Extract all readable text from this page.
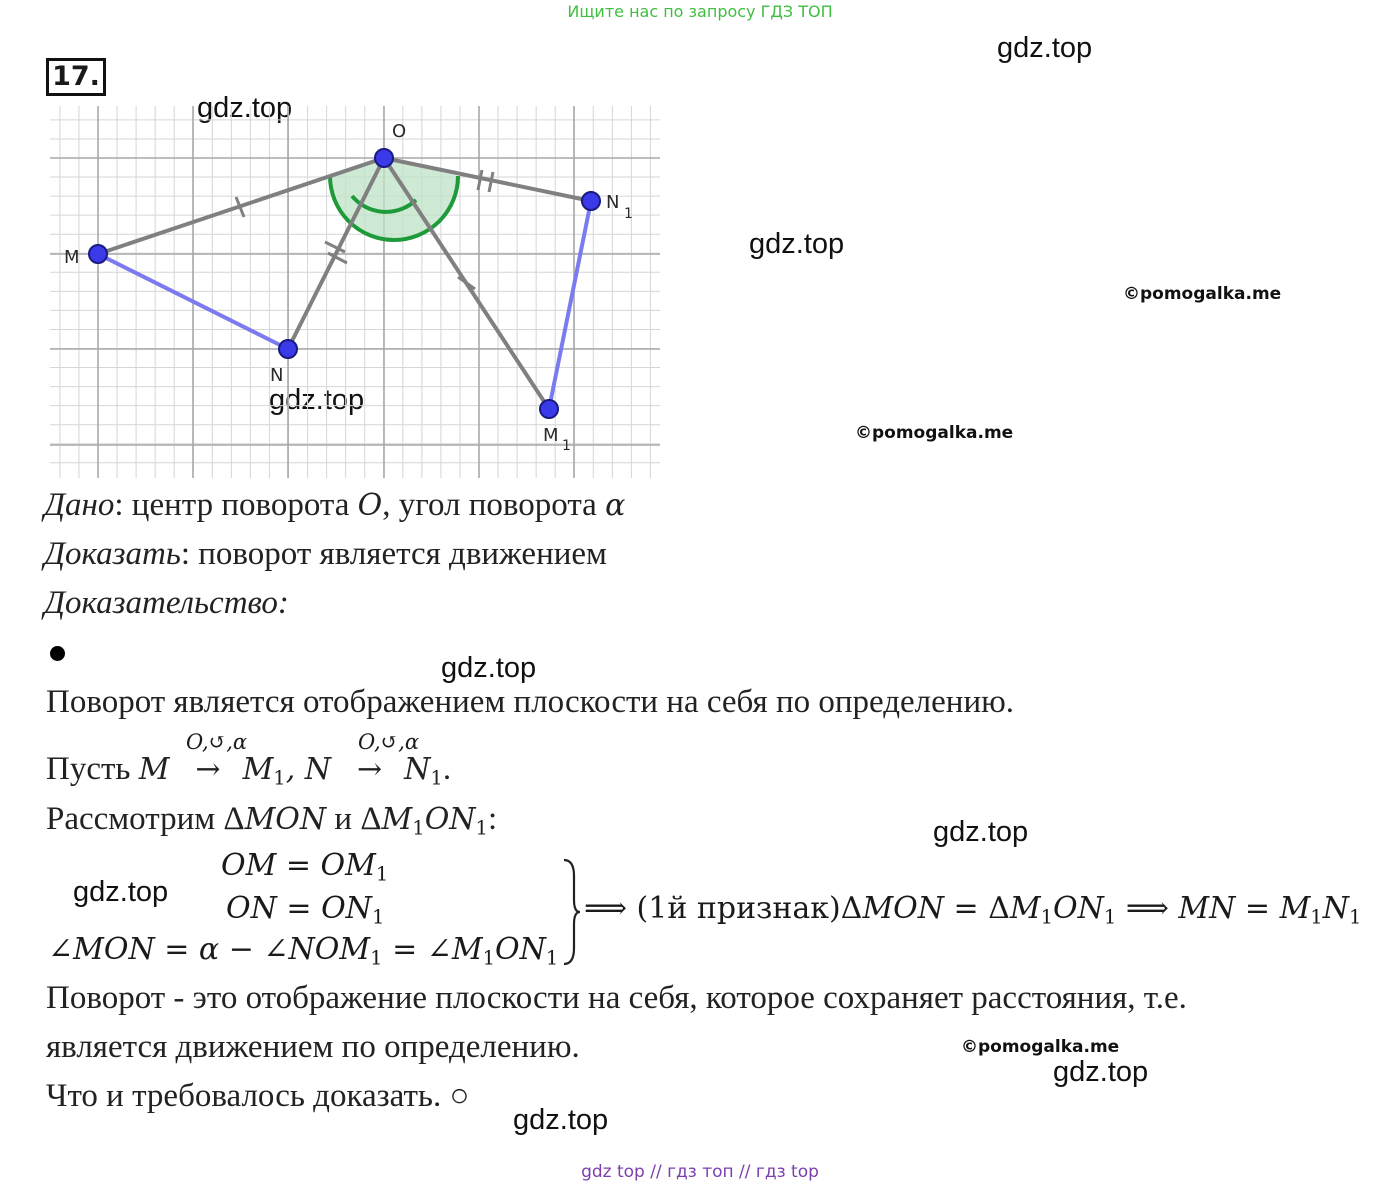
Ищите нас по запросу ГДЗ ТОП
17.
gdz.top
gdz.top
gdz.top
©pomogalka.me
gdz.top
©pomogalka.me
gdz.top
gdz.top
gdz.top
©pomogalka.me
gdz.top
gdz.top
O
M
N
M 1
N
1
Дано: центр поворота O, угол поворота α
Доказать: поворот является движением
Доказательство:
Поворот является отображением плоскости на себя по определению.
O,↺,α	O,↺,α
Пусть $M \to M_1$, $N \to N_1$.
Рассмотрим ΔMON и $\Delta M_1ON_1$:
OM = $OM_1$
ON = $ON_1$
∠MON = $\alpha - \angle NOM_1$ = $\angle M_1ON_1$
⟹ (1й признак)ΔMON = $\Delta M_1ON_1$ ⟹ MN = $M_1N_1$
Поворот - это отображение плоскости на себя, которое сохраняет расстояния, т.е.
является движением по определению.
Что и требовалось доказать. ○
gdz top // гдз топ // гдз top
